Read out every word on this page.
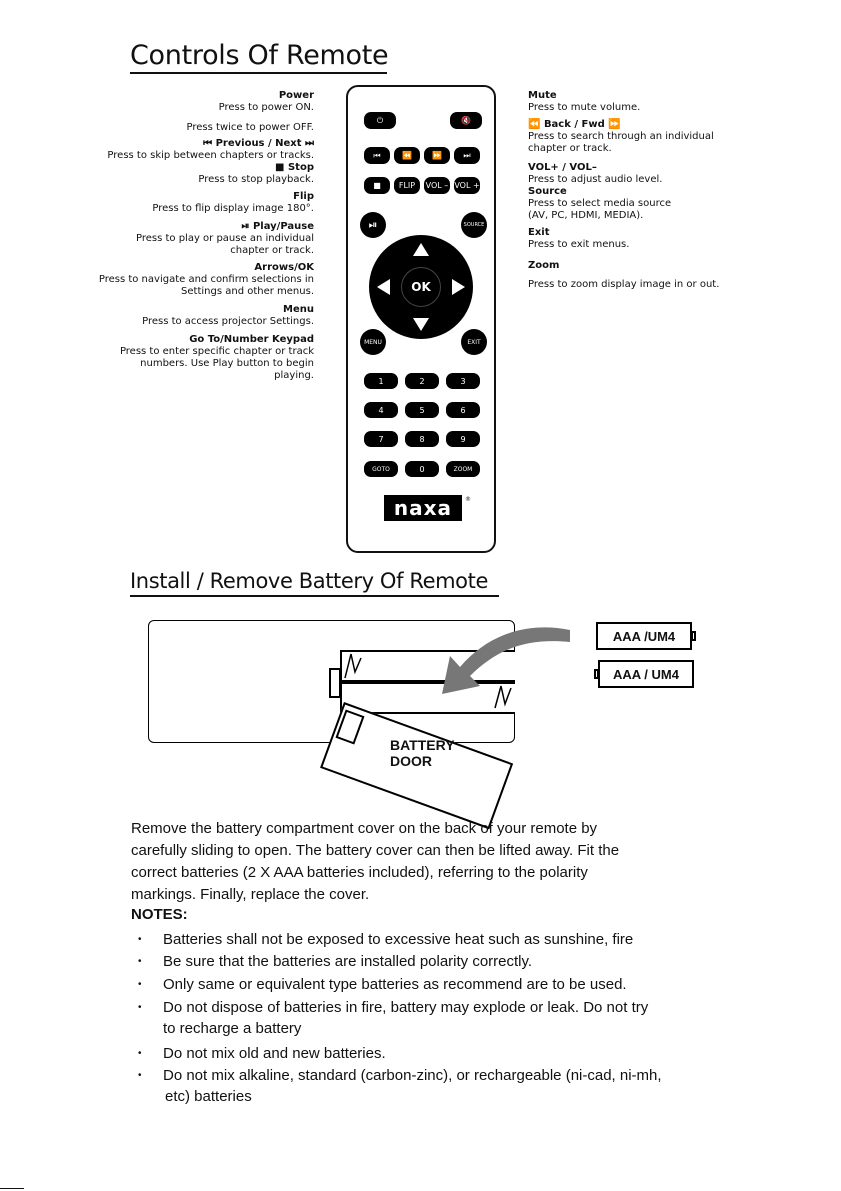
Controls Of Remote
Power
Press to power ON.
Press twice to power OFF.
⏮ Previous / Next ⏭
Press to skip between chapters or tracks.
■ Stop
Press to stop playback.
Flip
Press to flip display image 180°.
⏯ Play/Pause
Press to play or pause an individual
chapter or track.
Arrows/OK
Press to navigate and confirm selections in
Settings and other menus.
Menu
Press to access projector Settings.
Go To/Number Keypad
Press to enter specific chapter or track
numbers. Use Play button to begin
playing.
Mute
Press to mute volume.
⏪ Back / Fwd ⏩
Press to search through an individual
chapter or track.
VOL+ / VOL–
Press to adjust audio level.
Source
Press to select media source
(AV, PC, HDMI, MEDIA).
Exit
Press to exit menus.
Zoom
Press to zoom display image in or out.
⏻	🔇
⏮	⏪	⏩	⏭
■	FLIP	VOL – VOL +
⏯	SOURCE
OK
MENU	EXIT
1	2	3
4	5	6
7	8	9
GOTO	0	ZOOM
naxa	®
Install / Remove Battery Of Remote
BATTERY
DOOR
AAA /UM4
AAA / UM4
Remove the battery compartment cover on the back of your remote by
carefully sliding to open. The battery cover can then be lifted away. Fit the
correct batteries (2 X AAA batteries included), referring to the polarity
markings. Finally, replace the cover.
NOTES:
• Batteries shall not be exposed to excessive heat such as sunshine, fire
• Be sure that the batteries are installed polarity correctly.
• Only same or equivalent type batteries as recommend are to be used.
• Do not dispose of batteries in fire, battery may explode or leak. Do not try
to recharge a battery
• Do not mix old and new batteries.
• Do not mix alkaline, standard (carbon-zinc), or rechargeable (ni-cad, ni-mh,
etc) batteries
